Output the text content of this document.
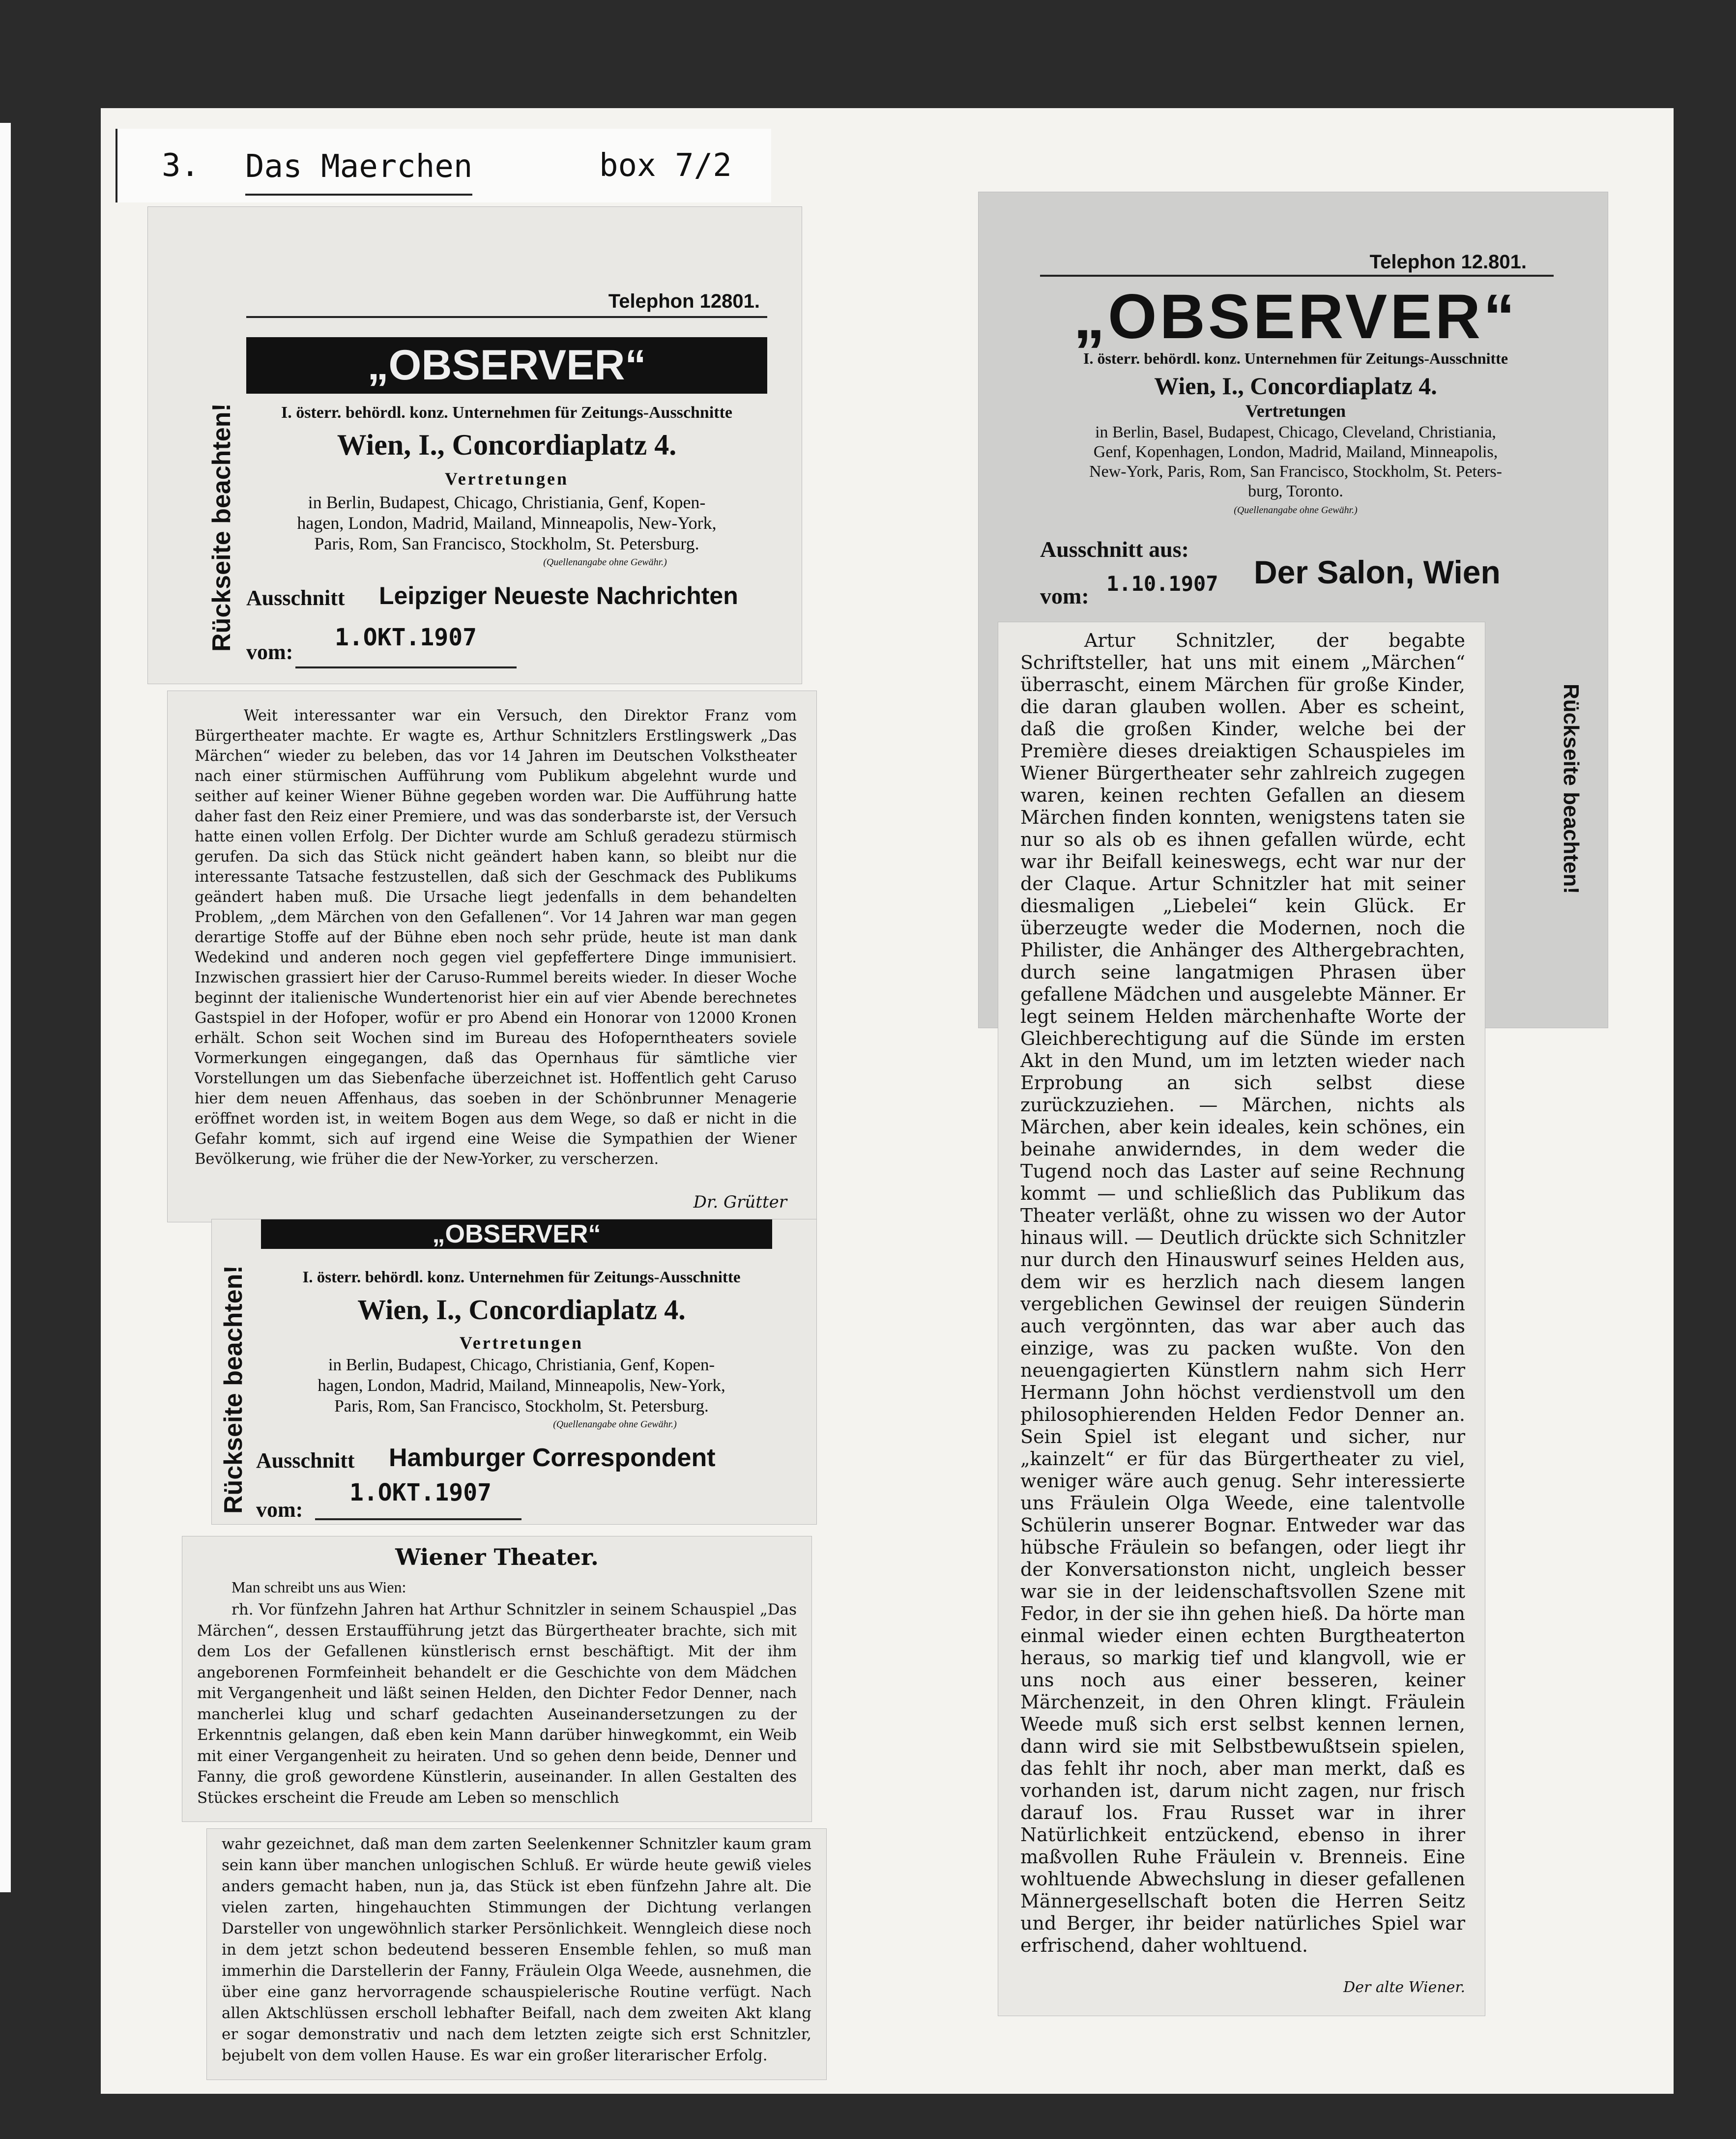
3. Das Maerchen	box 7/2
Telephon 12801.
„OBSERVER“
I. österr. behördl. konz. Unternehmen für Zeitungs-Ausschnitte
Wien, I., Concordiaplatz 4.
Vertretungen
in Berlin, Budapest, Chicago, Christiania, Genf, Kopen-
hagen, London, Madrid, Mailand, Minneapolis, New-York,
Paris, Rom, San Francisco, Stockholm, St. Petersburg.
(Quellenangabe ohne Gewähr.)
Ausschnitt Leipziger Neueste Nachrichten
vom:
1.OKT.1907
Rückseite beachten!

Weit interessanter war ein Versuch, den Direktor Franz vom Bürgertheater machte. Er wagte es, Arthur Schnitzlers Erstlingswerk „Das Märchen“ wieder zu beleben, das vor 14 Jahren im Deutschen Volkstheater nach einer stürmischen Aufführung vom Publikum abgelehnt wurde und seither auf keiner Wiener Bühne gegeben worden war. Die Aufführung hatte daher fast den Reiz einer Premiere, und was das sonderbarste ist, der Versuch hatte einen vollen Erfolg. Der Dichter wurde am Schluß geradezu stürmisch gerufen. Da sich das Stück nicht geändert haben kann, so bleibt nur die interessante Tatsache festzustellen, daß sich der Geschmack des Publikums geändert haben muß. Die Ursache liegt jedenfalls in dem behandelten Problem, „dem Märchen von den Gefallenen“. Vor 14 Jahren war man gegen derartige Stoffe auf der Bühne eben noch sehr prüde, heute ist man dank Wedekind und anderen noch gegen viel gepfeffertere Dinge immunisiert. Inzwischen grassiert hier der Caruso-Rummel bereits wieder. In dieser Woche beginnt der italienische Wundertenorist hier ein auf vier Abende berechnetes Gastspiel in der Hofoper, wofür er pro Abend ein Honorar von 12000 Kronen erhält. Schon seit Wochen sind im Bureau des Hofoperntheaters soviele Vormerkungen eingegangen, daß das Opernhaus für sämtliche vier Vorstellungen um das Siebenfache überzeichnet ist. Hoffentlich geht Caruso hier dem neuen Affenhaus, das soeben in der Schönbrunner Menagerie eröffnet worden ist, in weitem Bogen aus dem Wege, so daß er nicht in die Gefahr kommt, sich auf irgend eine Weise die Sympathien der Wiener Bevölkerung, wie früher die der New-Yorker, zu verscherzen.

Dr. Grütter
„OBSERVER“
I. österr. behördl. konz. Unternehmen für Zeitungs-Ausschnitte
Wien, I., Concordiaplatz 4.
Vertretungen
in Berlin, Budapest, Chicago, Christiania, Genf, Kopen-
hagen, London, Madrid, Mailand, Minneapolis, New-York,
Paris, Rom, San Francisco, Stockholm, St. Petersburg.
(Quellenangabe ohne Gewähr.)
Ausschnitt Hamburger Correspondent
1.OKT.1907
vom:
Rückseite beachten!
Wiener Theater.
Man schreibt uns aus Wien:

rh. Vor fünfzehn Jahren hat Arthur Schnitzler in seinem Schauspiel „Das Märchen“, dessen Erstaufführung jetzt das Bürgertheater brachte, sich mit dem Los der Gefallenen künstlerisch ernst beschäftigt. Mit der ihm angeborenen Formfeinheit behandelt er die Geschichte von dem Mädchen mit Vergangenheit und läßt seinen Helden, den Dichter Fedor Denner, nach mancherlei klug und scharf gedachten Auseinandersetzungen zu der Erkenntnis gelangen, daß eben kein Mann darüber hinwegkommt, ein Weib mit einer Vergangenheit zu heiraten. Und so gehen denn beide, Denner und Fanny, die groß gewordene Künstlerin, auseinander. In allen Gestalten des Stückes erscheint die Freude am Leben so menschlich

wahr gezeichnet, daß man dem zarten Seelenkenner Schnitzler kaum gram sein kann über manchen unlogischen Schluß. Er würde heute gewiß vieles anders gemacht haben, nun ja, das Stück ist eben fünfzehn Jahre alt. Die vielen zarten, hingehauchten Stimmungen der Dichtung verlangen Darsteller von ungewöhnlich starker Persönlichkeit. Wenngleich diese noch in dem jetzt schon bedeutend besseren Ensemble fehlen, so muß man immerhin die Darstellerin der Fanny, Fräulein Olga Weede, ausnehmen, die über eine ganz hervorragende schauspielerische Routine verfügt. Nach allen Aktschlüssen erscholl lebhafter Beifall, nach dem zweiten Akt klang er sogar demonstrativ und nach dem letzten zeigte sich erst Schnitzler, bejubelt von dem vollen Hause. Es war ein großer literarischer Erfolg.

Telephon 12.801.
„OBSERVER“
I. österr. behördl. konz. Unternehmen für Zeitungs-Ausschnitte
Wien, I., Concordiaplatz 4.
Vertretungen
in Berlin, Basel, Budapest, Chicago, Cleveland, Christiania,
Genf, Kopenhagen, London, Madrid, Mailand, Minneapolis,
New-York, Paris, Rom, San Francisco, Stockholm, St. Peters-
burg, Toronto.
(Quellenangabe ohne Gewähr.)
Ausschnitt aus:
Der Salon, Wien
vom: 1.10.1907
Rückseite beachten!

Artur Schnitzler, der begabte Schriftsteller, hat uns mit einem „Märchen“ überrascht, einem Märchen für große Kinder, die daran glauben wollen. Aber es scheint, daß die großen Kinder, welche bei der Première dieses dreiaktigen Schauspieles im Wiener Bürgertheater sehr zahlreich zugegen waren, keinen rechten Gefallen an diesem Märchen finden konnten, wenigstens taten sie nur so als ob es ihnen gefallen würde, echt war ihr Beifall keineswegs, echt war nur der der Claque. Artur Schnitzler hat mit seiner diesmaligen „Liebelei“ kein Glück. Er überzeugte weder die Modernen, noch die Philister, die Anhänger des Althergebrachten, durch seine langatmigen Phrasen über gefallene Mädchen und ausgelebte Männer. Er legt seinem Helden märchenhafte Worte der Gleichberechtigung auf die Sünde im ersten Akt in den Mund, um im letzten wieder nach Erprobung an sich selbst diese zurückzuziehen. — Märchen, nichts als Märchen, aber kein ideales, kein schönes, ein beinahe anwiderndes, in dem weder die Tugend noch das Laster auf seine Rechnung kommt — und schließlich das Publikum das Theater verläßt, ohne zu wissen wo der Autor hinaus will. — Deutlich drückte sich Schnitzler nur durch den Hinauswurf seines Helden aus, dem wir es herzlich nach diesem langen vergeblichen Gewinsel der reuigen Sünderin auch vergönnten, das war aber auch das einzige, was zu packen wußte. Von den neuengagierten Künstlern nahm sich Herr Hermann John höchst verdienstvoll um den philosophierenden Helden Fedor Denner an. Sein Spiel ist elegant und sicher, nur „kainzelt“ er für das Bürgertheater zu viel, weniger wäre auch genug. Sehr interessierte uns Fräulein Olga Weede, eine talentvolle Schülerin unserer Bognar. Entweder war das hübsche Fräulein so befangen, oder liegt ihr der Konversationston nicht, ungleich besser war sie in der leidenschaftsvollen Szene mit Fedor, in der sie ihn gehen hieß. Da hörte man einmal wieder einen echten Burgtheaterton heraus, so markig tief und klangvoll, wie er uns noch aus einer besseren, keiner Märchenzeit, in den Ohren klingt. Fräulein Weede muß sich erst selbst kennen lernen, dann wird sie mit Selbstbewußtsein spielen, das fehlt ihr noch, aber man merkt, daß es vorhanden ist, darum nicht zagen, nur frisch darauf los. Frau Russet war in ihrer Natürlichkeit entzückend, ebenso in ihrer maßvollen Ruhe Fräulein v. Brenneis. Eine wohltuende Abwechslung in dieser gefallenen Männergesellschaft boten die Herren Seitz und Berger, ihr beider natürliches Spiel war erfrischend, daher wohltuend.

Der alte Wiener.
